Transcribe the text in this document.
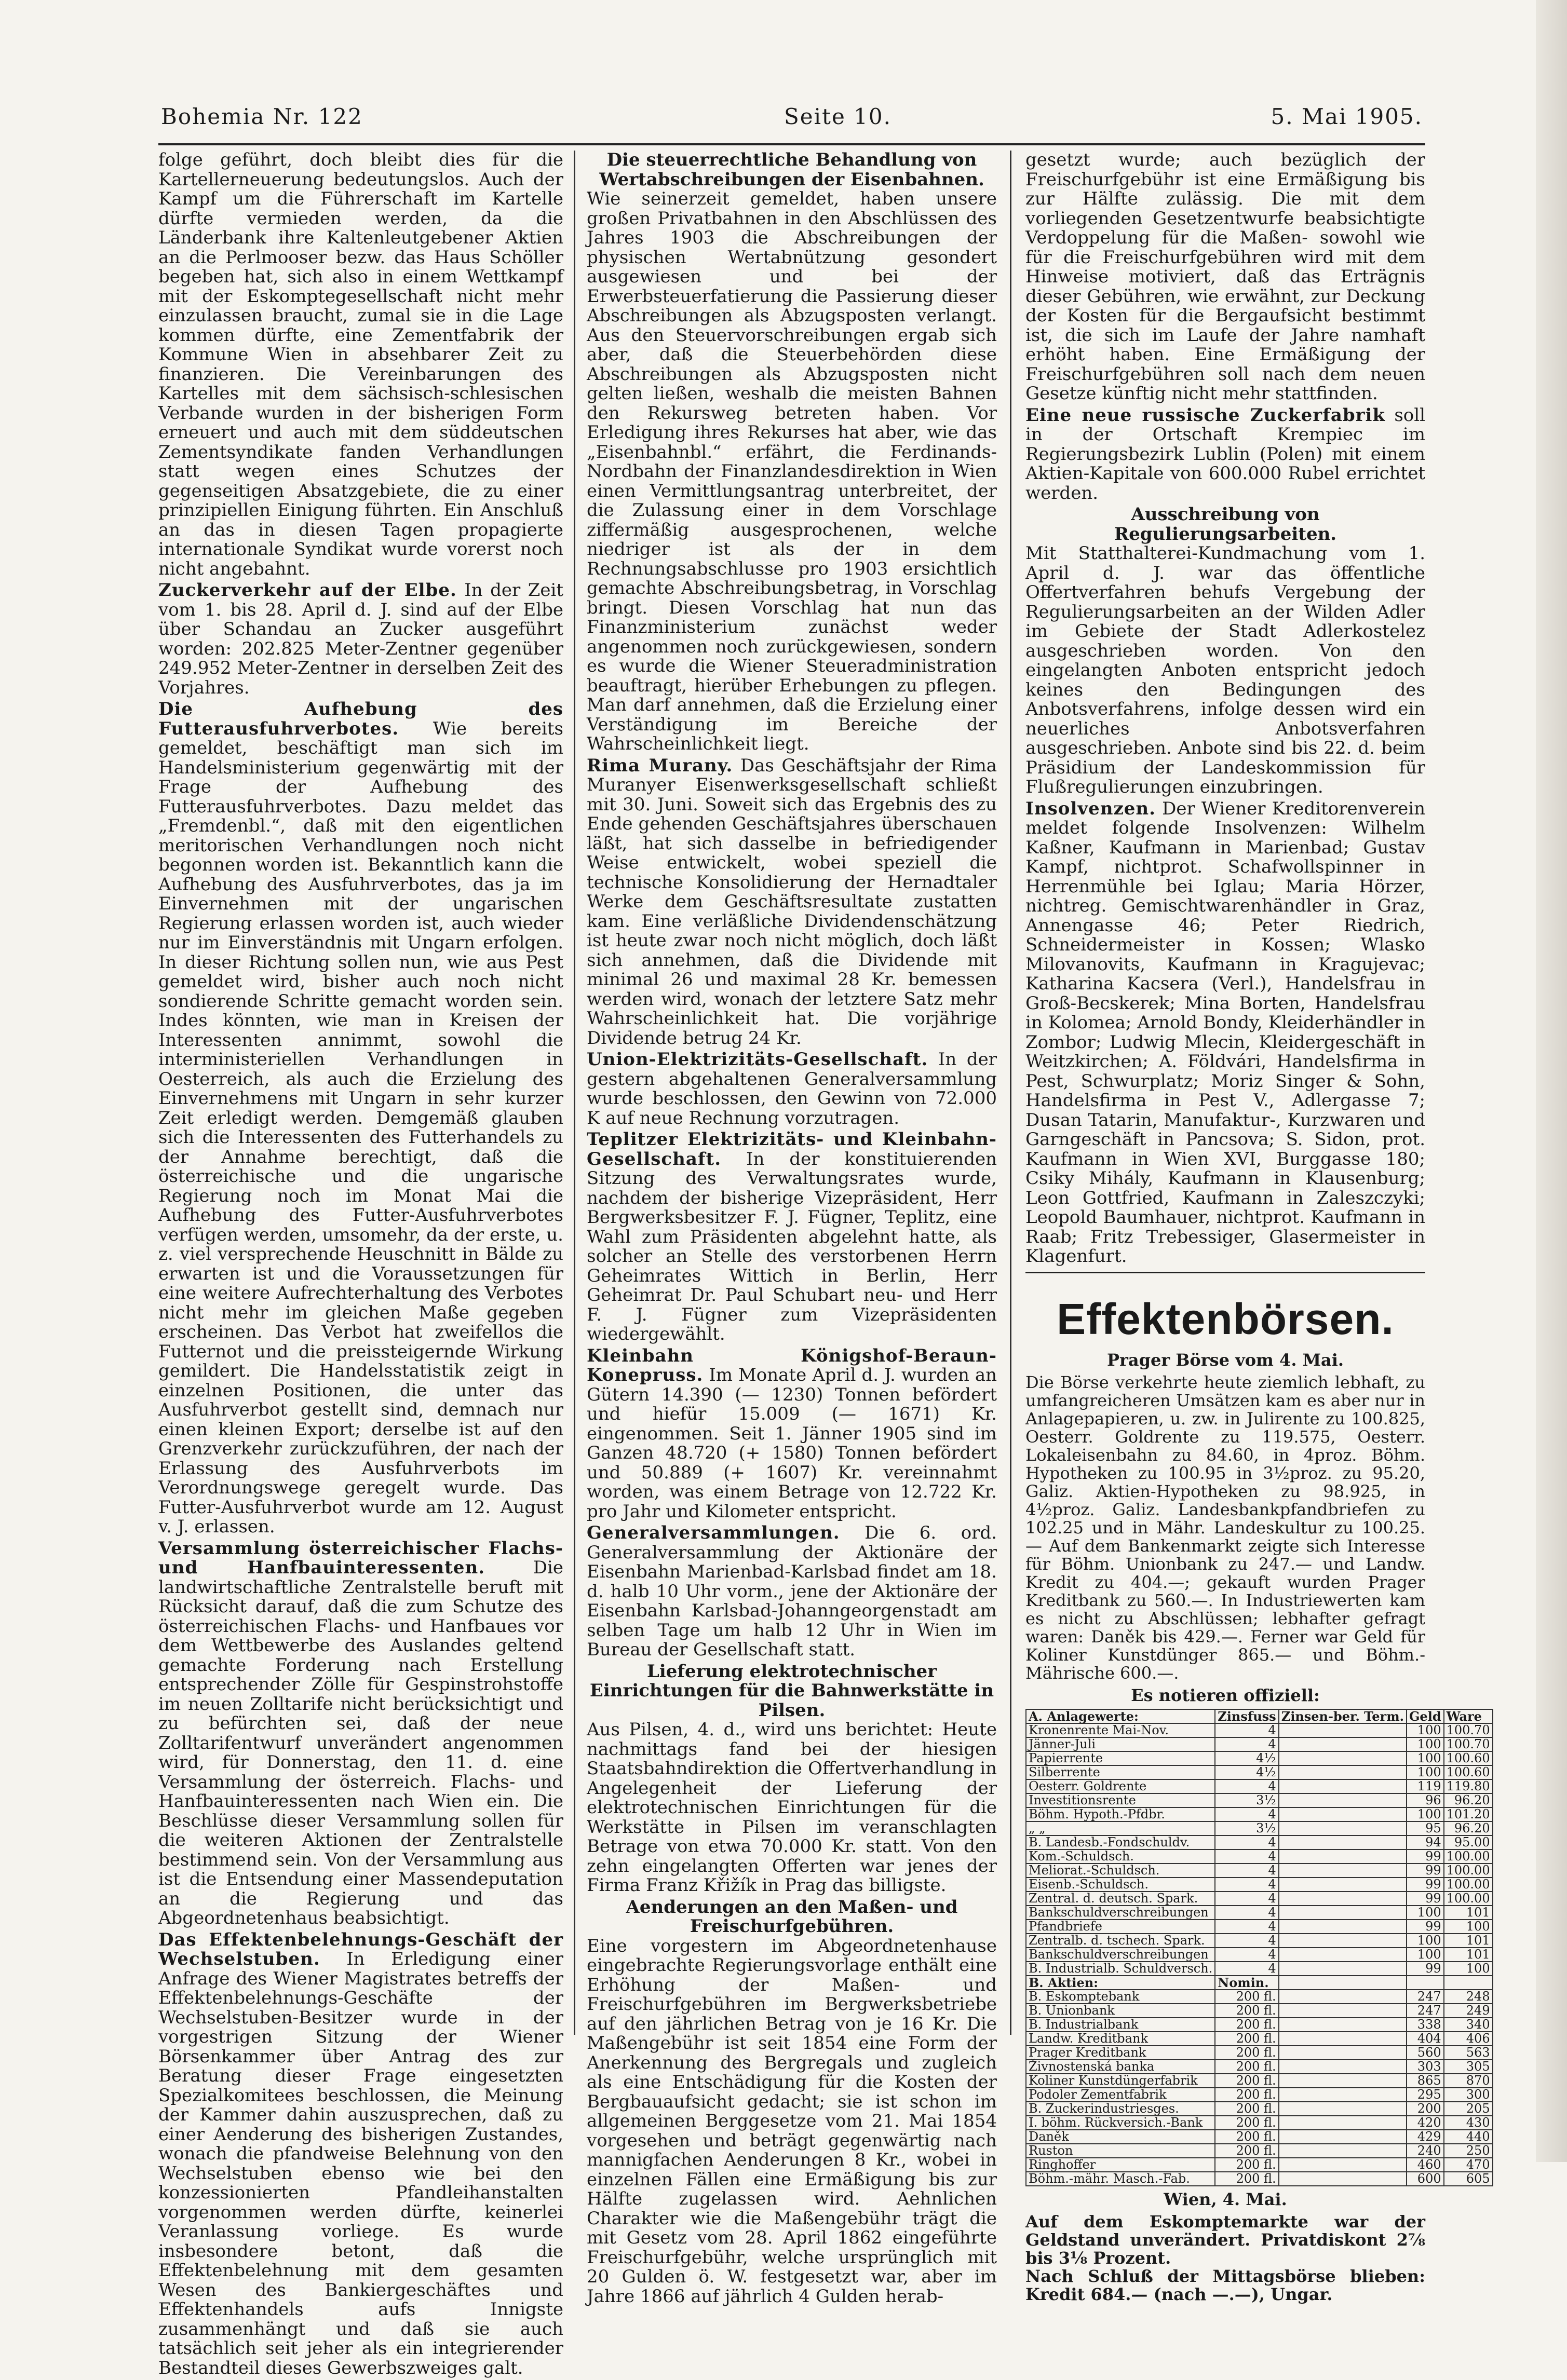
Bohemia Nr. 122	Seite 10.	5. Mai 1905.

folge geführt, doch bleibt dies für die Kartellerneuerung bedeutungslos. Auch der Kampf um die Führerschaft im Kartelle dürfte vermieden werden, da die Länderbank ihre Kaltenleutgebener Aktien an die Perlmooser bezw. das Haus Schöller begeben hat, sich also in einem Wettkampf mit der Eskomptegesellschaft nicht mehr einzulassen braucht, zumal sie in die Lage kommen dürfte, eine Zementfabrik der Kommune Wien in absehbarer Zeit zu finanzieren. Die Vereinbarungen des Kartelles mit dem sächsisch-schlesischen Verbande wurden in der bisherigen Form erneuert und auch mit dem süddeutschen Zementsyndikate fanden Verhandlungen statt wegen eines Schutzes der gegenseitigen Absatzgebiete, die zu einer prinzipiellen Einigung führten. Ein Anschluß an das in diesen Tagen propagierte internationale Syndikat wurde vorerst noch nicht angebahnt.

Zuckerverkehr auf der Elbe. In der Zeit vom 1. bis 28. April d. J. sind auf der Elbe über Schandau an Zucker ausgeführt worden: 202.825 Meter-Zentner gegenüber 249.952 Meter-Zentner in derselben Zeit des Vorjahres.

Die Aufhebung des Futterausfuhrverbotes. Wie bereits gemeldet, beschäftigt man sich im Handelsministerium gegenwärtig mit der Frage der Aufhebung des Futterausfuhrverbotes. Dazu meldet das „Fremdenbl.“, daß mit den eigentlichen meritorischen Verhandlungen noch nicht begonnen worden ist. Bekanntlich kann die Aufhebung des Ausfuhrverbotes, das ja im Einvernehmen mit der ungarischen Regierung erlassen worden ist, auch wieder nur im Einverständnis mit Ungarn erfolgen. In dieser Richtung sollen nun, wie aus Pest gemeldet wird, bisher auch noch nicht sondierende Schritte gemacht worden sein. Indes könnten, wie man in Kreisen der Interessenten annimmt, sowohl die interministeriellen Verhandlungen in Oesterreich, als auch die Erzielung des Einvernehmens mit Ungarn in sehr kurzer Zeit erledigt werden. Demgemäß glauben sich die Interessenten des Futterhandels zu der Annahme berechtigt, daß die österreichische und die ungarische Regierung noch im Monat Mai die Aufhebung des Futter-Ausfuhrverbotes verfügen werden, umsomehr, da der erste, u. z. viel versprechende Heuschnitt in Bälde zu erwarten ist und die Voraussetzungen für eine weitere Aufrechterhaltung des Verbotes nicht mehr im gleichen Maße gegeben erscheinen. Das Verbot hat zweifellos die Futternot und die preissteigernde Wirkung gemildert. Die Handelsstatistik zeigt in einzelnen Positionen, die unter das Ausfuhrverbot gestellt sind, demnach nur einen kleinen Export; derselbe ist auf den Grenzverkehr zurückzuführen, der nach der Erlassung des Ausfuhrverbots im Verordnungswege geregelt wurde. Das Futter-Ausfuhrverbot wurde am 12. August v. J. erlassen.

Versammlung österreichischer Flachs- und Hanfbauinteressenten. Die landwirtschaftliche Zentralstelle beruft mit Rücksicht darauf, daß die zum Schutze des österreichischen Flachs- und Hanfbaues vor dem Wettbewerbe des Auslandes geltend gemachte Forderung nach Erstellung entsprechender Zölle für Gespinstrohstoffe im neuen Zolltarife nicht berücksichtigt und zu befürchten sei, daß der neue Zolltarifentwurf unverändert angenommen wird, für Donnerstag, den 11. d. eine Versammlung der österreich. Flachs- und Hanfbauinteressenten nach Wien ein. Die Beschlüsse dieser Versammlung sollen für die weiteren Aktionen der Zentralstelle bestimmend sein. Von der Versammlung aus ist die Entsendung einer Massendeputation an die Regierung und das Abgeordnetenhaus beabsichtigt.

Das Effektenbelehnungs-Geschäft der Wechselstuben. In Erledigung einer Anfrage des Wiener Magistrates betreffs der Effektenbelehnungs-Geschäfte der Wechselstuben-Besitzer wurde in der vorgestrigen Sitzung der Wiener Börsenkammer über Antrag des zur Beratung dieser Frage eingesetzten Spezialkomitees beschlossen, die Meinung der Kammer dahin auszusprechen, daß zu einer Aenderung des bisherigen Zustandes, wonach die pfandweise Belehnung von den Wechselstuben ebenso wie bei den konzessionierten Pfandleihanstalten vorgenommen werden dürfte, keinerlei Veranlassung vorliege. Es wurde insbesondere betont, daß die Effektenbelehnung mit dem gesamten Wesen des Bankiergeschäftes und Effektenhandels aufs Innigste zusammenhängt und daß sie auch tatsächlich seit jeher als ein integrierender Bestandteil dieses Gewerbszweiges galt.

Die steuerrechtliche Behandlung von Wertabschreibungen der Eisenbahnen.

Wie seinerzeit gemeldet, haben unsere großen Privatbahnen in den Abschlüssen des Jahres 1903 die Abschreibungen der physischen Wertabnützung gesondert ausgewiesen und bei der Erwerbsteuerfatierung die Passierung dieser Abschreibungen als Abzugsposten verlangt. Aus den Steuervorschreibungen ergab sich aber, daß die Steuerbehörden diese Abschreibungen als Abzugsposten nicht gelten ließen, weshalb die meisten Bahnen den Rekursweg betreten haben. Vor Erledigung ihres Rekurses hat aber, wie das „Eisenbahnbl.“ erfährt, die Ferdinands-Nordbahn der Finanzlandesdirektion in Wien einen Vermittlungsantrag unterbreitet, der die Zulassung einer in dem Vorschlage ziffermäßig ausgesprochenen, welche niedriger ist als der in dem Rechnungsabschlusse pro 1903 ersichtlich gemachte Abschreibungsbetrag, in Vorschlag bringt. Diesen Vorschlag hat nun das Finanzministerium zunächst weder angenommen noch zurückgewiesen, sondern es wurde die Wiener Steueradministration beauftragt, hierüber Erhebungen zu pflegen. Man darf annehmen, daß die Erzielung einer Verständigung im Bereiche der Wahrscheinlichkeit liegt.

Rima Murany. Das Geschäftsjahr der Rima Muranyer Eisenwerksgesellschaft schließt mit 30. Juni. Soweit sich das Ergebnis des zu Ende gehenden Geschäftsjahres überschauen läßt, hat sich dasselbe in befriedigender Weise entwickelt, wobei speziell die technische Konsolidierung der Hernadtaler Werke dem Geschäftsresultate zustatten kam. Eine verläßliche Dividendenschätzung ist heute zwar noch nicht möglich, doch läßt sich annehmen, daß die Dividende mit minimal 26 und maximal 28 Kr. bemessen werden wird, wonach der letztere Satz mehr Wahrscheinlichkeit hat. Die vorjährige Dividende betrug 24 Kr.

Union-Elektrizitäts-Gesellschaft. In der gestern abgehaltenen Generalversammlung wurde beschlossen, den Gewinn von 72.000 K auf neue Rechnung vorzutragen.

Teplitzer Elektrizitäts- und Kleinbahn-Gesellschaft. In der konstituierenden Sitzung des Verwaltungsrates wurde, nachdem der bisherige Vizepräsident, Herr Bergwerksbesitzer F. J. Fügner, Teplitz, eine Wahl zum Präsidenten abgelehnt hatte, als solcher an Stelle des verstorbenen Herrn Geheimrates Wittich in Berlin, Herr Geheimrat Dr. Paul Schubart neu- und Herr F. J. Fügner zum Vizepräsidenten wiedergewählt.

Kleinbahn Königshof-Beraun-Konepruss. Im Monate April d. J. wurden an Gütern 14.390 (— 1230) Tonnen befördert und hiefür 15.009 (— 1671) Kr. eingenommen. Seit 1. Jänner 1905 sind im Ganzen 48.720 (+ 1580) Tonnen befördert und 50.889 (+ 1607) Kr. vereinnahmt worden, was einem Betrage von 12.722 Kr. pro Jahr und Kilometer entspricht.

Generalversammlungen. Die 6. ord. Generalversammlung der Aktionäre der Eisenbahn Marienbad-Karlsbad findet am 18. d. halb 10 Uhr vorm., jene der Aktionäre der Eisenbahn Karlsbad-Johanngeorgenstadt am selben Tage um halb 12 Uhr in Wien im Bureau der Gesellschaft statt.

Lieferung elektrotechnischer Einrichtungen für die Bahnwerkstätte in Pilsen.

Aus Pilsen, 4. d., wird uns berichtet: Heute nachmittags fand bei der hiesigen Staatsbahndirektion die Offertverhandlung in Angelegenheit der Lieferung der elektrotechnischen Einrichtungen für die Werkstätte in Pilsen im veranschlagten Betrage von etwa 70.000 Kr. statt. Von den zehn eingelangten Offerten war jenes der Firma Franz Křižík in Prag das billigste.

Aenderungen an den Maßen- und Freischurfgebühren.

Eine vorgestern im Abgeordnetenhause eingebrachte Regierungsvorlage enthält eine Erhöhung der Maßen- und Freischurfgebühren im Bergwerksbetriebe auf den jährlichen Betrag von je 16 Kr. Die Maßengebühr ist seit 1854 eine Form der Anerkennung des Bergregals und zugleich als eine Entschädigung für die Kosten der Bergbauaufsicht gedacht; sie ist schon im allgemeinen Berggesetze vom 21. Mai 1854 vorgesehen und beträgt gegenwärtig nach mannigfachen Aenderungen 8 Kr., wobei in einzelnen Fällen eine Ermäßigung bis zur Hälfte zugelassen wird. Aehnlichen Charakter wie die Maßengebühr trägt die mit Gesetz vom 28. April 1862 eingeführte Freischurfgebühr, welche ursprünglich mit 20 Gulden ö. W. festgesetzt war, aber im Jahre 1866 auf jährlich 4 Gulden herab-

gesetzt wurde; auch bezüglich der Freischurfgebühr ist eine Ermäßigung bis zur Hälfte zulässig. Die mit dem vorliegenden Gesetzentwurfe beabsichtigte Verdoppelung für die Maßen- sowohl wie für die Freischurfgebühren wird mit dem Hinweise motiviert, daß das Erträgnis dieser Gebühren, wie erwähnt, zur Deckung der Kosten für die Bergaufsicht bestimmt ist, die sich im Laufe der Jahre namhaft erhöht haben. Eine Ermäßigung der Freischurfgebühren soll nach dem neuen Gesetze künftig nicht mehr stattfinden.

Eine neue russische Zuckerfabrik soll in der Ortschaft Krempiec im Regierungsbezirk Lublin (Polen) mit einem Aktien-Kapitale von 600.000 Rubel errichtet werden.

Ausschreibung von Regulierungsarbeiten.

Mit Statthalterei-Kundmachung vom 1. April d. J. war das öffentliche Offertverfahren behufs Vergebung der Regulierungsarbeiten an der Wilden Adler im Gebiete der Stadt Adlerkostelez ausgeschrieben worden. Von den eingelangten Anboten entspricht jedoch keines den Bedingungen des Anbotsverfahrens, infolge dessen wird ein neuerliches Anbotsverfahren ausgeschrieben. Anbote sind bis 22. d. beim Präsidium der Landeskommission für Flußregulierungen einzubringen.

Insolvenzen. Der Wiener Kreditorenverein meldet folgende Insolvenzen: Wilhelm Kaßner, Kaufmann in Marienbad; Gustav Kampf, nichtprot. Schafwollspinner in Herrenmühle bei Iglau; Maria Hörzer, nichtreg. Gemischtwarenhändler in Graz, Annengasse 46; Peter Riedrich, Schneidermeister in Kossen; Wlasko Milovanovits, Kaufmann in Kragujevac; Katharina Kacsera (Verl.), Handelsfrau in Groß-Becskerek; Mina Borten, Handelsfrau in Kolomea; Arnold Bondy, Kleiderhändler in Zombor; Ludwig Mlecin, Kleidergeschäft in Weitzkirchen; A. Földvári, Handelsfirma in Pest, Schwurplatz; Moriz Singer & Sohn, Handelsfirma in Pest V., Adlergasse 7; Dusan Tatarin, Manufaktur-, Kurzwaren und Garngeschäft in Pancsova; S. Sidon, prot. Kaufmann in Wien XVI, Burggasse 180; Csiky Mihály, Kaufmann in Klausenburg; Leon Gottfried, Kaufmann in Zaleszczyki; Leopold Baumhauer, nichtprot. Kaufmann in Raab; Fritz Trebessiger, Glasermeister in Klagenfurt.

Effektenbörsen.
Prager Börse vom 4. Mai.

Die Börse verkehrte heute ziemlich lebhaft, zu umfangreicheren Umsätzen kam es aber nur in Anlagepapieren, u. zw. in Julirente zu 100.825, Oesterr. Goldrente zu 119.575, Oesterr. Lokaleisenbahn zu 84.60, in 4proz. Böhm. Hypotheken zu 100.95 in 3½proz. zu 95.20, Galiz. Aktien-Hypotheken zu 98.925, in 4½proz. Galiz. Landesbankpfandbriefen zu 102.25 und in Mähr. Landeskultur zu 100.25. — Auf dem Bankenmarkt zeigte sich Interesse für Böhm. Unionbank zu 247.— und Landw. Kredit zu 404.—; gekauft wurden Prager Kreditbank zu 560.—. In Industriewerten kam es nicht zu Abschlüssen; lebhafter gefragt waren: Daněk bis 429.—. Ferner war Geld für Koliner Kunstdünger 865.— und Böhm.-Mährische 600.—.

Es notieren offiziell:
A. Anlagewerte:	Zinsfuss	Zinsen-ber. Term.	Geld	Ware
Kronenrente Mai-Nov.	4		100	100.70
Jänner-Juli	4		100	100.70
Papierrente	4½		100	100.60
Silberrente	4½		100	100.60
Oesterr. Goldrente	4		119	119.80
Investitionsrente	3½		96	96.20
Böhm. Hypoth.-Pfdbr.	4		100	101.20
„ „	3½		95	96.20
B. Landesb.-Fondschuldv.	4		94	95.00
Kom.-Schuldsch.	4		99	100.00
Meliorat.-Schuldsch.	4		99	100.00
Eisenb.-Schuldsch.	4		99	100.00
Zentral. d. deutsch. Spark.	4		99	100.00
Bankschuldverschreibungen	4		100	101
Pfandbriefe	4		99	100
Zentralb. d. tschech. Spark.	4		100	101
Bankschuldverschreibungen	4		100	101
B. Industrialb. Schuldversch.	4		99	100
B. Aktien:	Nomin.			
B. Eskomptebank	200 fl.		247	248
B. Unionbank	200 fl.		247	249
B. Industrialbank	200 fl.		338	340
Landw. Kreditbank	200 fl.		404	406
Prager Kreditbank	200 fl.		560	563
Živnostenská banka	200 fl.		303	305
Koliner Kunstdüngerfabrik	200 fl.		865	870
Podoler Zementfabrik	200 fl.		295	300
B. Zuckerindustriesges.	200 fl.		200	205
I. böhm. Rückversich.-Bank	200 fl.		420	430
Daněk	200 fl.		429	440
Ruston	200 fl.		240	250
Ringhoffer	200 fl.		460	470
Böhm.-mähr. Masch.-Fab.	200 fl.		600	605
Wien, 4. Mai.

Auf dem Eskomptemarkte war der Geldstand unverändert. Privatdiskont 2⅞ bis 3⅛ Prozent.

Nach Schluß der Mittagsbörse blieben: Kredit 684.— (nach —.—), Ungar.
